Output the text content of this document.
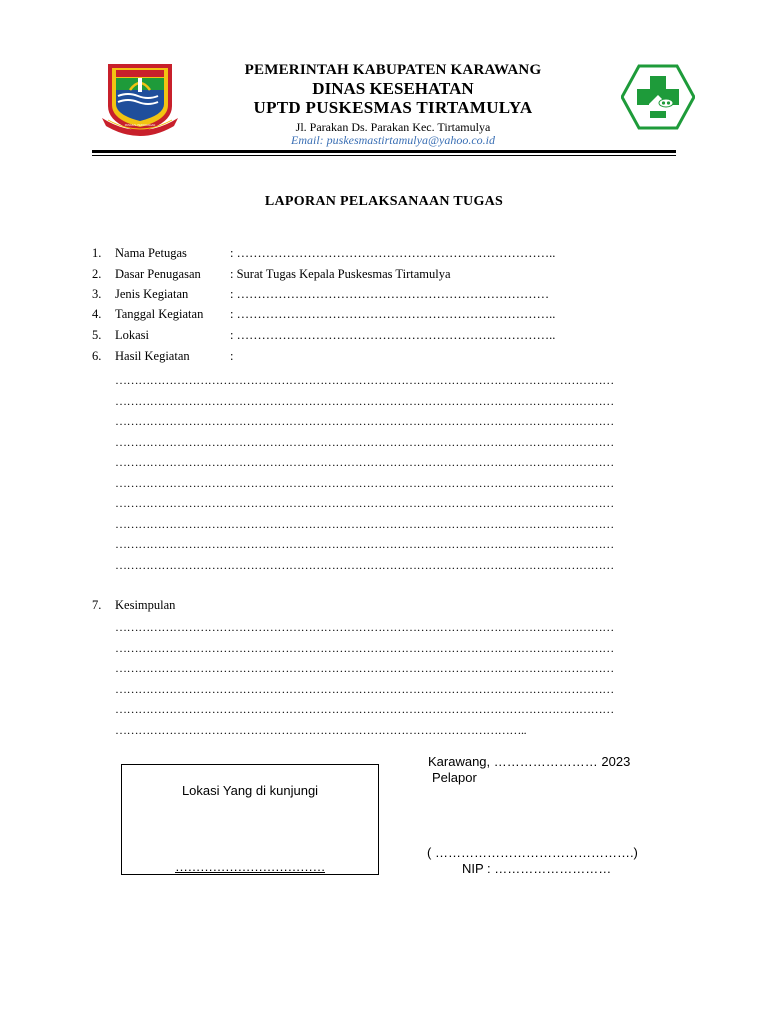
KABUPATEN KARAWANG
PANGKAL PERJOANGAN
PEMERINTAH KABUPATEN KARAWANG
DINAS KESEHATAN
UPTD PUSKESMAS TIRTAMULYA
Jl. Parakan Ds. Parakan Kec. Tirtamulya
Email: puskesmastirtamulya@yahoo.co.id
LAPORAN PELAKSANAAN TUGAS
1.	Nama Petugas	: …………………………………………………………………..
2.	Dasar Penugasan	: Surat Tugas Kepala Puskesmas Tirtamulya
3.	Jenis Kegiatan	: …………………………………………………………………
4.	Tanggal Kegiatan	: …………………………………………………………………..
5.	Lokasi	: …………………………………………………………………..
6.	Hasil Kegiatan	:
…………………………………………………………………………………………………………………
…………………………………………………………………………………………………………………
…………………………………………………………………………………………………………………
…………………………………………………………………………………………………………………
…………………………………………………………………………………………………………………
…………………………………………………………………………………………………………………
…………………………………………………………………………………………………………………
…………………………………………………………………………………………………………………
…………………………………………………………………………………………………………………
…………………………………………………………………………………………………………………
7.	Kesimpulan
…………………………………………………………………………………………………………………
…………………………………………………………………………………………………………………
…………………………………………………………………………………………………………………
…………………………………………………………………………………………………………………
…………………………………………………………………………………………………………………
……………………………………………………………………………………………..
Lokasi Yang di kunjungi
………………………………
Karawang, …………………… 2023
Pelapor
( ……………………………………….)
NIP : ………………………
